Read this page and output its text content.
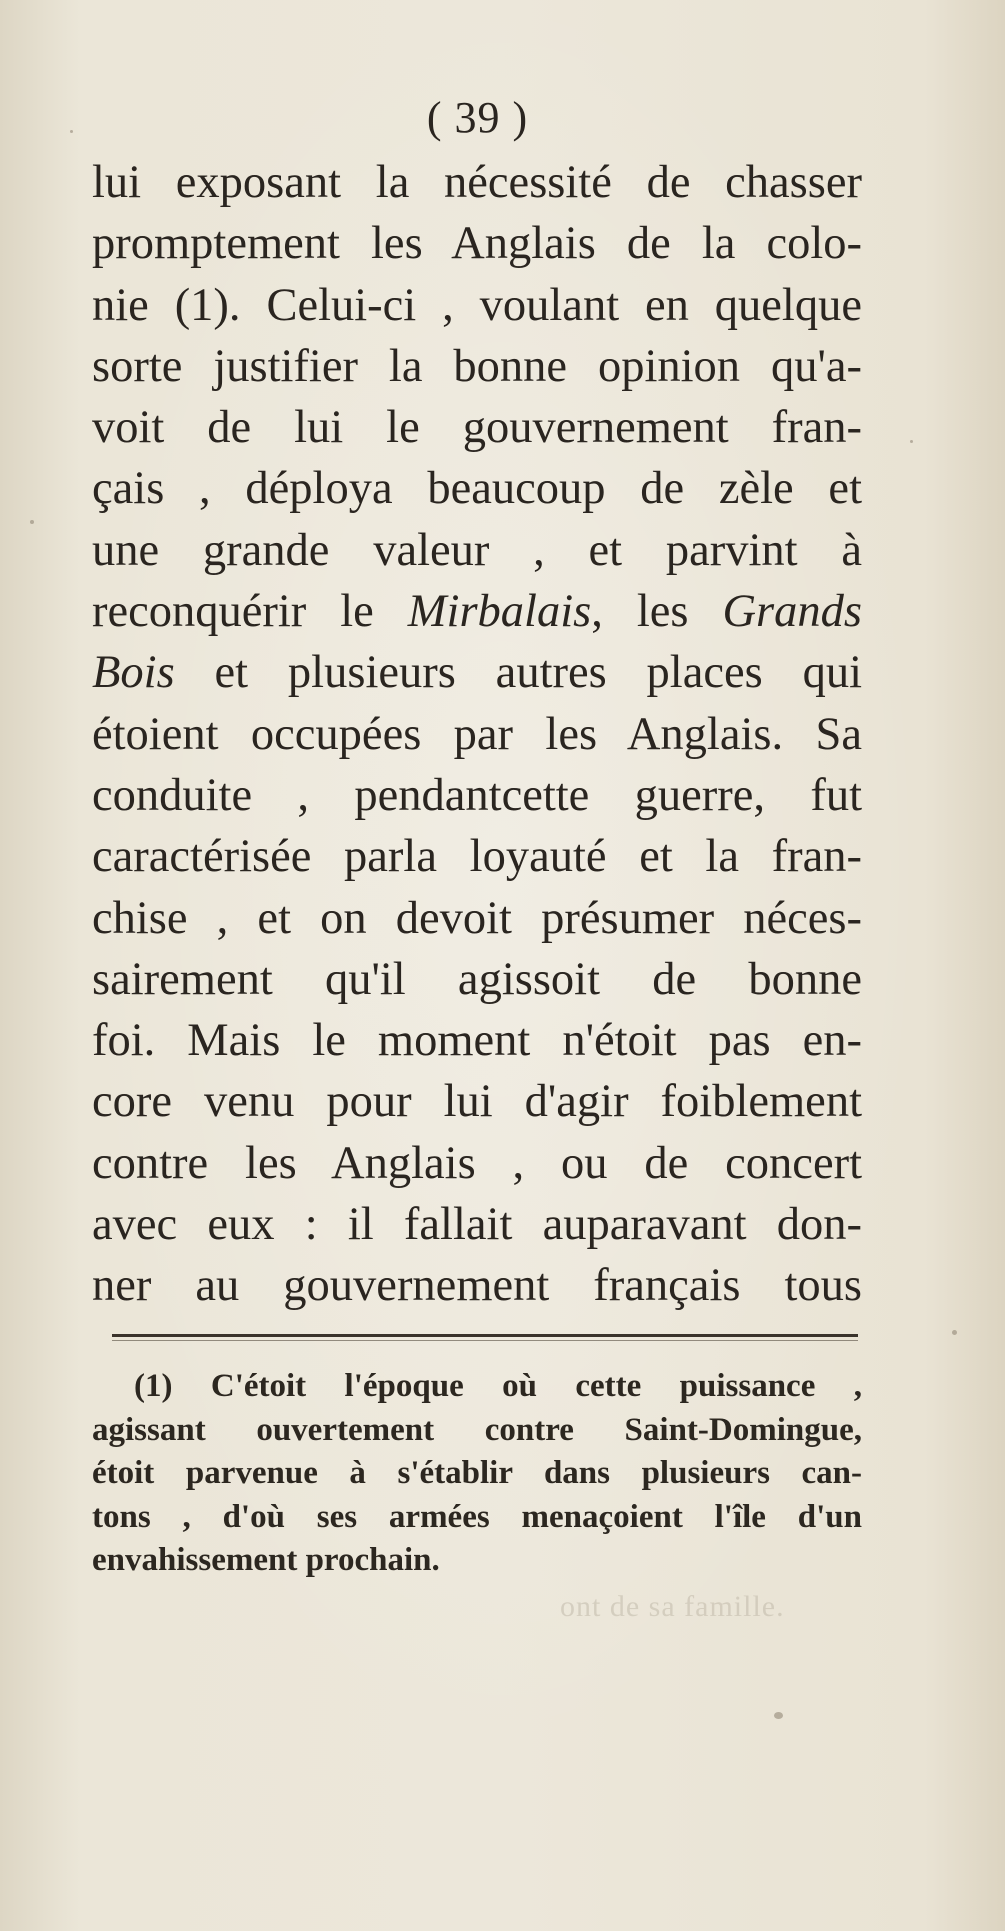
( 39 )
lui exposant la nécessité de chasser
promptement les Anglais de la colo-
nie (1). Celui-ci , voulant en quelque
sorte justifier la bonne opinion qu'a-
voit de lui le gouvernement fran-
çais , déploya beaucoup de zèle et
une grande valeur , et parvint à
reconquérir le Mirbalais, les Grands
Bois et plusieurs autres places qui
étoient occupées par les Anglais. Sa
conduite , pendantcette guerre, fut
caractérisée parla loyauté et la fran-
chise , et on devoit présumer néces-
sairement qu'il agissoit de bonne
foi. Mais le moment n'étoit pas en-
core venu pour lui d'agir foiblement
contre les Anglais , ou de concert
avec eux : il fallait auparavant don-
ner au gouvernement français tous
(1) C'étoit l'époque où cette puissance ,
agissant ouvertement contre Saint-Domingue,
étoit parvenue à s'établir dans plusieurs can-
tons , d'où ses armées menaçoient l'île d'un
envahissement prochain.
ont de sa famille.
